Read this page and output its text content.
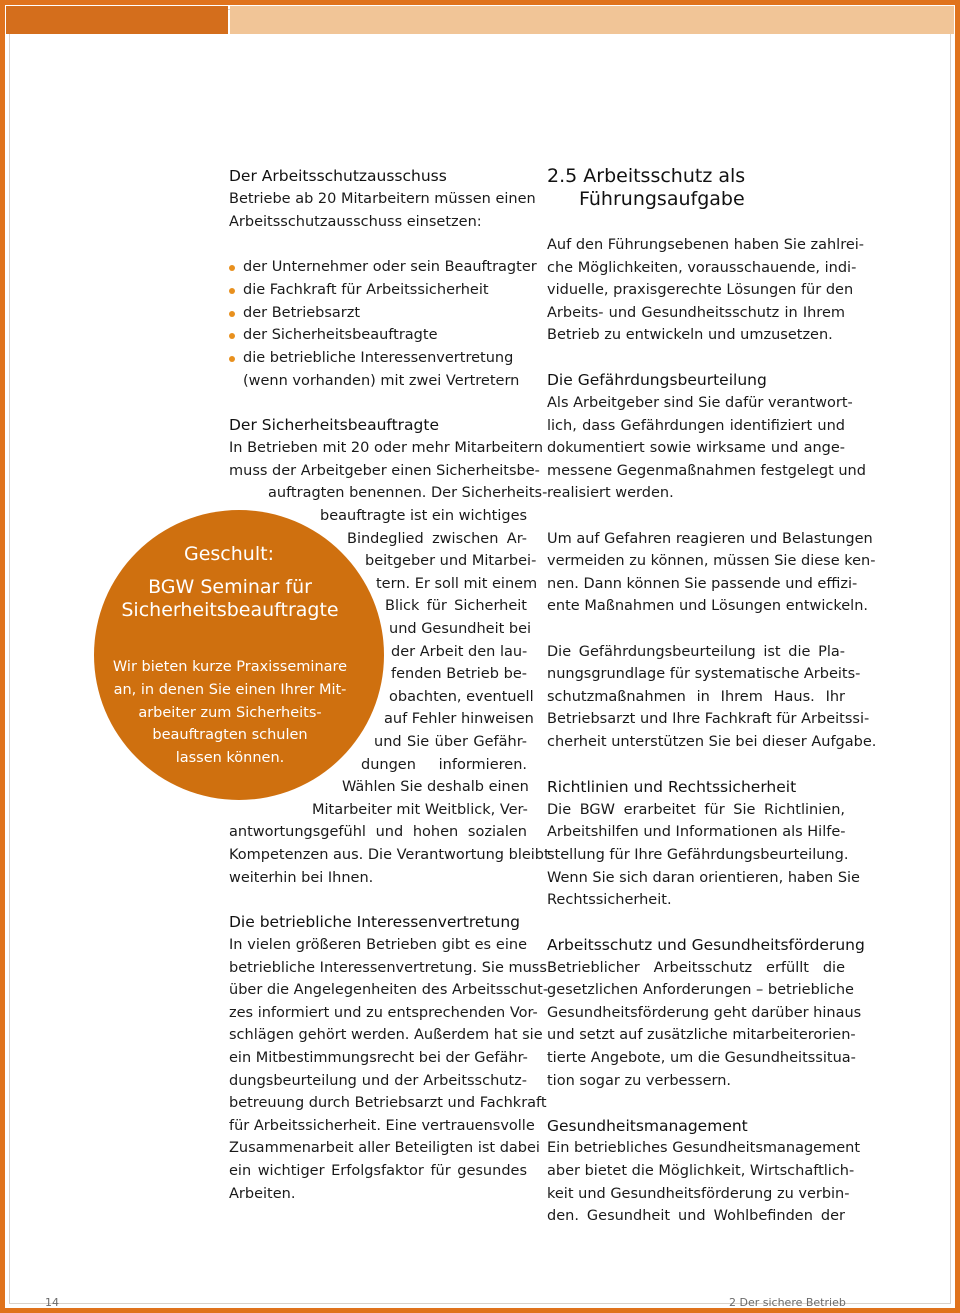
Der Arbeitsschutzausschuss
Betriebe ab 20 Mitarbeitern müssen einen
Arbeitsschutzausschuss einsetzen:
der Unternehmer oder sein Beauftragter
die Fachkraft für Arbeitssicherheit
der Betriebsarzt
der Sicherheitsbeauftragte
die betriebliche Interessenvertretung
(wenn vorhanden) mit zwei Vertretern
Der Sicherheitsbeauftragte
In Betrieben mit 20 oder mehr Mitarbeitern
muss der Arbeitgeber einen Sicherheitsbe-
auftragten benennen. Der Sicherheits-
beauftragte ist ein wichtiges
Bindeglied zwischen Ar-
beitgeber und Mitarbei-
tern. Er soll mit einem
Blick für Sicherheit
und Gesundheit bei
der Arbeit den lau-
fenden Betrieb be-
obachten, eventuell
auf Fehler hinweisen
und Sie über Gefähr-
dungen informieren.
Wählen Sie deshalb einen
Mitarbeiter mit Weitblick, Ver-
antwortungsgefühl und hohen sozialen
Kompetenzen aus. Die Verantwortung bleibt
weiterhin bei Ihnen.
Die betriebliche Interessenvertretung
In vielen größeren Betrieben gibt es eine
betriebliche Interessenvertretung. Sie muss
über die Angelegenheiten des Arbeitsschut-
zes informiert und zu entsprechenden Vor-
schlägen gehört werden. Außerdem hat sie
ein Mitbestimmungsrecht bei der Gefähr-
dungsbeurteilung und der Arbeitsschutz-
betreuung durch Betriebsarzt und Fachkraft
für Arbeitssicherheit. Eine vertrauensvolle
Zusammenarbeit aller Beteiligten ist dabei
ein wichtiger Erfolgsfaktor für gesundes
Arbeiten.
Geschult:
BGW Seminar für
Sicherheitsbeauftragte
Wir bieten kurze Praxisseminare
an, in denen Sie einen Ihrer Mit-
arbeiter zum Sicherheits-
beauftragten schulen
lassen können.
2.5 Arbeitsschutz als
Führungsaufgabe
Auf den Führungsebenen haben Sie zahlrei-
che Möglichkeiten, vorausschauende, indi-
viduelle, praxisgerechte Lösungen für den
Arbeits- und Gesundheitsschutz in Ihrem
Betrieb zu entwickeln und umzusetzen.
Die Gefährdungsbeurteilung
Als Arbeitgeber sind Sie dafür verantwort-
lich, dass Gefährdungen identifiziert und
dokumentiert sowie wirksame und ange-
messene Gegenmaßnahmen festgelegt und
realisiert werden.
Um auf Gefahren reagieren und Belastungen
vermeiden zu können, müssen Sie diese ken-
nen. Dann können Sie passende und effizi-
ente Maßnahmen und Lösungen entwickeln.
Die Gefährdungsbeurteilung ist die Pla-
nungsgrundlage für systematische Arbeits-
schutzmaßnahmen in Ihrem Haus. Ihr
Betriebsarzt und Ihre Fachkraft für Arbeitssi-
cherheit unterstützen Sie bei dieser Aufgabe.
Richtlinien und Rechtssicherheit
Die BGW erarbeitet für Sie Richtlinien,
Arbeitshilfen und Informationen als Hilfe-
stellung für Ihre Gefährdungsbeurteilung.
Wenn Sie sich daran orientieren, haben Sie
Rechtssicherheit.
Arbeitsschutz und Gesundheitsförderung
Betrieblicher Arbeitsschutz erfüllt die
gesetzlichen Anforderungen – betriebliche
Gesundheitsförderung geht darüber hinaus
und setzt auf zusätzliche mitarbeiterorien-
tierte Angebote, um die Gesundheitssitua-
tion sogar zu verbessern.
Gesundheitsmanagement
Ein betriebliches Gesundheitsmanagement
aber bietet die Möglichkeit, Wirtschaftlich-
keit und Gesundheitsförderung zu verbin-
den. Gesundheit und Wohlbefinden der
14	2 Der sichere Betrieb
